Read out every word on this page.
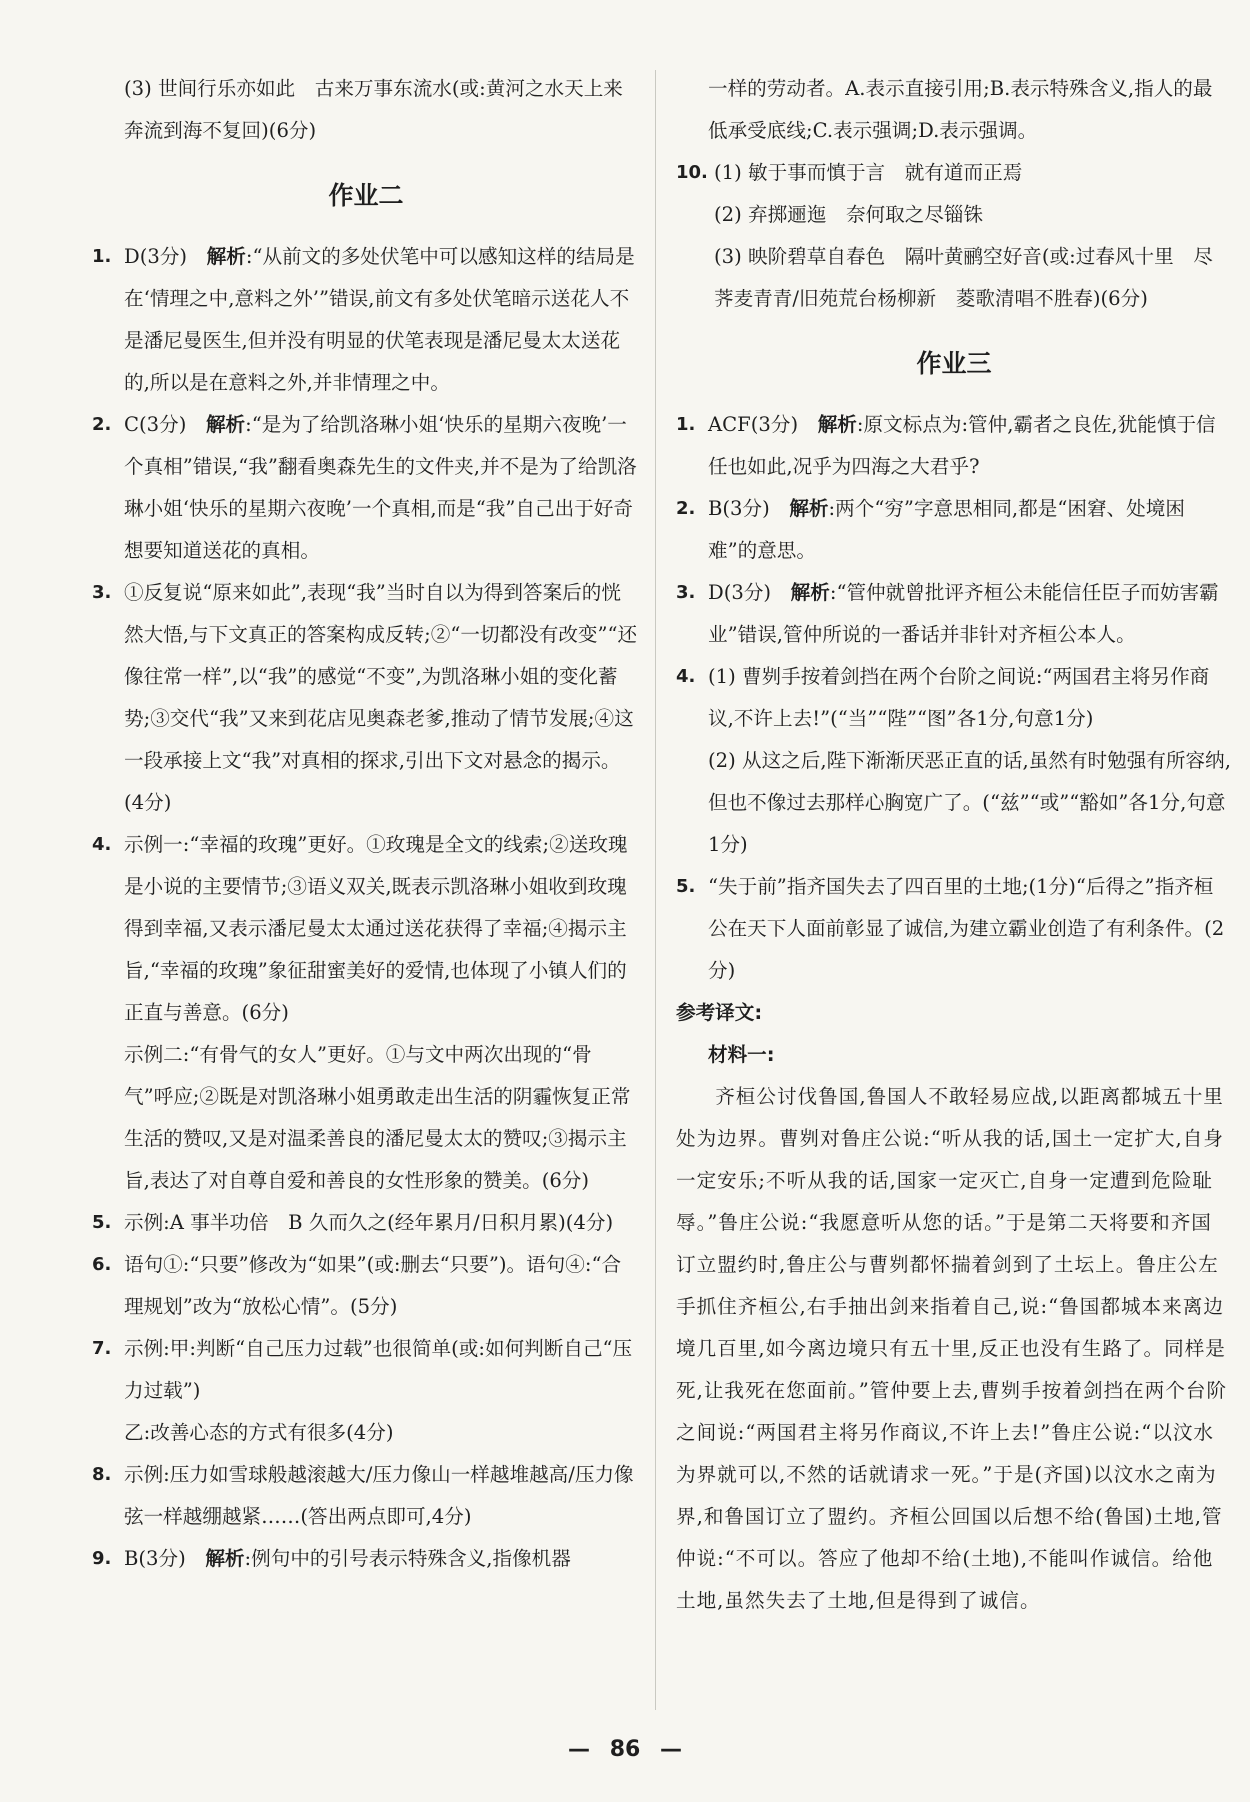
(3) 世间行乐亦如此　古来万事东流水(或:黄河之水天上来　奔流到海不复回)(6分)

作业二

1. D(3分)　解析:“从前文的多处伏笔中可以感知这样的结局是在‘情理之中,意料之外’”错误,前文有多处伏笔暗示送花人不是潘尼曼医生,但并没有明显的伏笔表现是潘尼曼太太送花的,所以是在意料之外,并非情理之中。

2. C(3分)　解析:“是为了给凯洛琳小姐‘快乐的星期六夜晚’一个真相”错误,“我”翻看奥森先生的文件夹,并不是为了给凯洛琳小姐‘快乐的星期六夜晚’一个真相,而是“我”自己出于好奇想要知道送花的真相。

3. ①反复说“原来如此”,表现“我”当时自以为得到答案后的恍然大悟,与下文真正的答案构成反转;②“一切都没有改变”“还像往常一样”,以“我”的感觉“不变”,为凯洛琳小姐的变化蓄势;③交代“我”又来到花店见奥森老爹,推动了情节发展;④这一段承接上文“我”对真相的探求,引出下文对悬念的揭示。(4分)

4. 示例一:“幸福的玫瑰”更好。①玫瑰是全文的线索;②送玫瑰是小说的主要情节;③语义双关,既表示凯洛琳小姐收到玫瑰得到幸福,又表示潘尼曼太太通过送花获得了幸福;④揭示主旨,“幸福的玫瑰”象征甜蜜美好的爱情,也体现了小镇人们的正直与善意。(6分)

示例二:“有骨气的女人”更好。①与文中两次出现的“骨气”呼应;②既是对凯洛琳小姐勇敢走出生活的阴霾恢复正常生活的赞叹,又是对温柔善良的潘尼曼太太的赞叹;③揭示主旨,表达了对自尊自爱和善良的女性形象的赞美。(6分)

5. 示例:A 事半功倍　B 久而久之(经年累月/日积月累)(4分)

6. 语句①:“只要”修改为“如果”(或:删去“只要”)。语句④:“合理规划”改为“放松心情”。(5分)

7. 示例:甲:判断“自己压力过载”也很简单(或:如何判断自己“压力过载”)

乙:改善心态的方式有很多(4分)

8. 示例:压力如雪球般越滚越大/压力像山一样越堆越高/压力像弦一样越绷越紧……(答出两点即可,4分)

9. B(3分)　解析:例句中的引号表示特殊含义,指像机器

一样的劳动者。A.表示直接引用;B.表示特殊含义,指人的最低承受底线;C.表示强调;D.表示强调。

10. (1) 敏于事而慎于言　就有道而正焉

(2) 弃掷逦迤　奈何取之尽锱铢

(3) 映阶碧草自春色　隔叶黄鹂空好音(或:过春风十里　尽荠麦青青/旧苑荒台杨柳新　菱歌清唱不胜春)(6分)

作业三

1. ACF(3分)　解析:原文标点为:管仲,霸者之良佐,犹能慎于信任也如此,况乎为四海之大君乎?

2. B(3分)　解析:两个“穷”字意思相同,都是“困窘、处境困难”的意思。

3. D(3分)　解析:“管仲就曾批评齐桓公未能信任臣子而妨害霸业”错误,管仲所说的一番话并非针对齐桓公本人。

4. (1) 曹刿手按着剑挡在两个台阶之间说:“两国君主将另作商议,不许上去!”(“当”“陛”“图”各1分,句意1分)

(2) 从这之后,陛下渐渐厌恶正直的话,虽然有时勉强有所容纳,但也不像过去那样心胸宽广了。(“兹”“或”“豁如”各1分,句意1分)

5. “失于前”指齐国失去了四百里的土地;(1分)“后得之”指齐桓公在天下人面前彰显了诚信,为建立霸业创造了有利条件。(2分)

参考译文:

材料一:

齐桓公讨伐鲁国,鲁国人不敢轻易应战,以距离都城五十里处为边界。曹刿对鲁庄公说:“听从我的话,国土一定扩大,自身一定安乐;不听从我的话,国家一定灭亡,自身一定遭到危险耻辱。”鲁庄公说:“我愿意听从您的话。”于是第二天将要和齐国订立盟约时,鲁庄公与曹刿都怀揣着剑到了土坛上。鲁庄公左手抓住齐桓公,右手抽出剑来指着自己,说:“鲁国都城本来离边境几百里,如今离边境只有五十里,反正也没有生路了。同样是死,让我死在您面前。”管仲要上去,曹刿手按着剑挡在两个台阶之间说:“两国君主将另作商议,不许上去!”鲁庄公说:“以汶水为界就可以,不然的话就请求一死。”于是(齐国)以汶水之南为界,和鲁国订立了盟约。齐桓公回国以后想不给(鲁国)土地,管仲说:“不可以。答应了他却不给(土地),不能叫作诚信。给他土地,虽然失去了土地,但是得到了诚信。

— 86 —
